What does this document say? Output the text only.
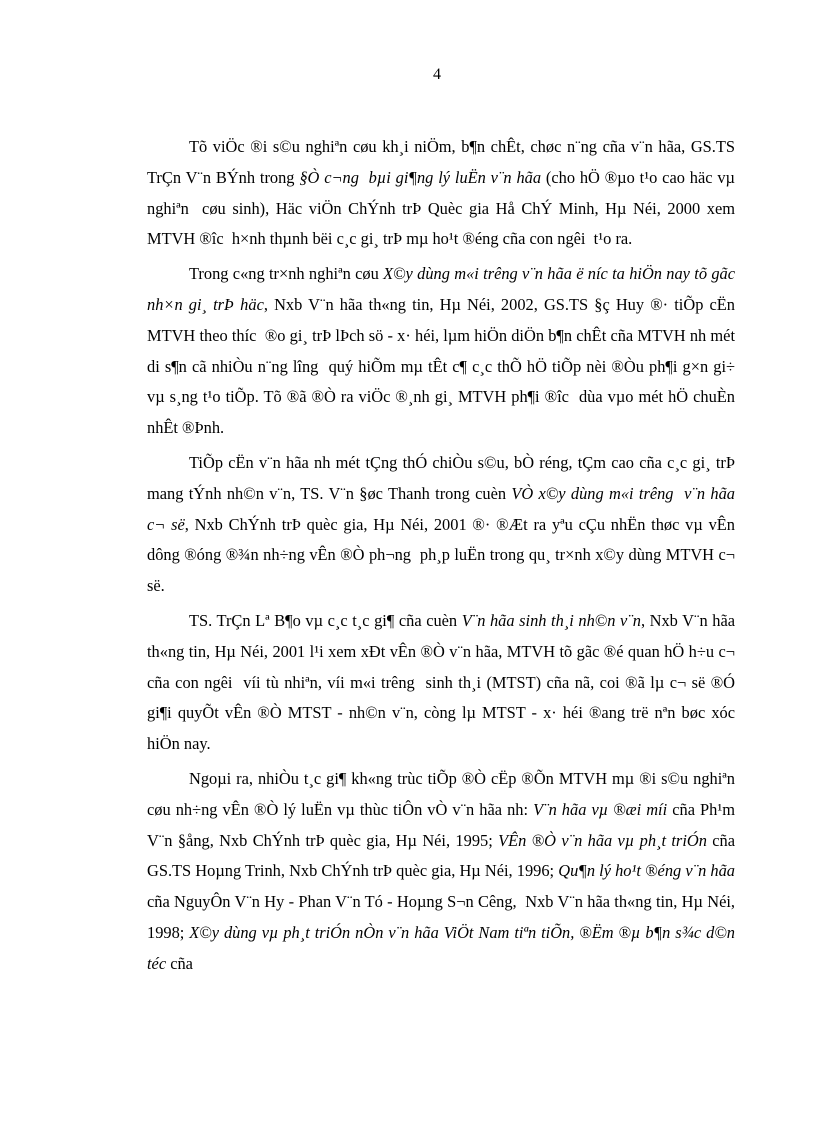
4

Tõ viÖc ®i s©u nghiªn cøu kh¸i niÖm, b¶n chÊt, chøc n¨ng cña v¨n hãa, GS.TS TrÇn V¨n BÝnh trong §Ò c¬ng  bµi gi¶ng lý luËn v¨n hãa (cho hÖ ®µo t¹o cao häc vµ nghiªn  cøu sinh), Häc viÖn ChÝnh trÞ Quèc gia Hå ChÝ Minh, Hµ Néi, 2000 xem MTVH ®îc  h×nh thµnh bëi c¸c gi¸ trÞ mµ ho¹t ®éng cña con ngêi  t¹o ra.

Trong c«ng tr×nh nghiªn cøu X©y dùng m«i trêng v¨n hãa ë níc ta hiÖn nay tõ gãc nh×n gi¸ trÞ häc, Nxb V¨n hãa th«ng tin, Hµ Néi, 2002, GS.TS §ç Huy ®· tiÕp cËn MTVH theo thíc  ®o gi¸ trÞ lÞch sö - x· héi, lµm hiÖn diÖn b¶n chÊt cña MTVH nh mét di s¶n cã nhiÒu n¨ng lîng  quý hiÕm mµ tÊt c¶ c¸c thÕ hÖ tiÕp nèi ®Òu ph¶i g×n gi÷ vµ s¸ng t¹o tiÕp. Tõ ®ã ®Ò ra viÖc ®¸nh gi¸ MTVH ph¶i ®îc  dùa vµo mét hÖ chuÈn nhÊt ®Þnh.

TiÕp cËn v¨n hãa nh mét tÇng thÓ chiÒu s©u, bÒ réng, tÇm cao cña c¸c gi¸ trÞ mang tÝnh nh©n v¨n, TS. V¨n §øc Thanh trong cuèn VÒ x©y dùng m«i trêng  v¨n hãa c¬ së, Nxb ChÝnh trÞ quèc gia, Hµ Néi, 2001 ®· ®Æt ra yªu cÇu nhËn thøc vµ vÊn dông ®óng ®¾n nh÷ng vÊn ®Ò ph¬ng  ph¸p luËn trong qu¸ tr×nh x©y dùng MTVH c¬ së.

TS. TrÇn Lª B¶o vµ c¸c t¸c gi¶ cña cuèn V¨n hãa sinh th¸i nh©n v¨n, Nxb V¨n hãa th«ng tin, Hµ Néi, 2001 l¹i xem xÐt vÊn ®Ò v¨n hãa, MTVH tõ gãc ®é quan hÖ h÷u c¬ cña con ngêi  víi tù nhiªn, víi m«i trêng  sinh th¸i (MTST) cña nã, coi ®ã lµ c¬ së ®Ó gi¶i quyÕt vÊn ®Ò MTST - nh©n v¨n, còng lµ MTST - x· héi ®ang trë nªn bøc xóc hiÖn nay.

Ngoµi ra, nhiÒu t¸c gi¶ kh«ng trùc tiÕp ®Ò cËp ®Õn MTVH mµ ®i s©u nghiªn cøu nh÷ng vÊn ®Ò lý luËn vµ thùc tiÔn vÒ v¨n hãa nh: V¨n hãa vµ ®æi míi cña Ph¹m V¨n §ång, Nxb ChÝnh trÞ quèc gia, Hµ Néi, 1995; VÊn ®Ò v¨n hãa vµ ph¸t triÓn cña GS.TS Hoµng Trinh, Nxb ChÝnh trÞ quèc gia, Hµ Néi, 1996; Qu¶n lý ho¹t ®éng v¨n hãa cña NguyÔn V¨n Hy - Phan V¨n Tó - Hoµng S¬n Cêng,  Nxb V¨n hãa th«ng tin, Hµ Néi, 1998; X©y dùng vµ ph¸t triÓn nÒn v¨n hãa ViÖt Nam tiªn tiÕn, ®Ëm ®µ b¶n s¾c d©n téc cña
